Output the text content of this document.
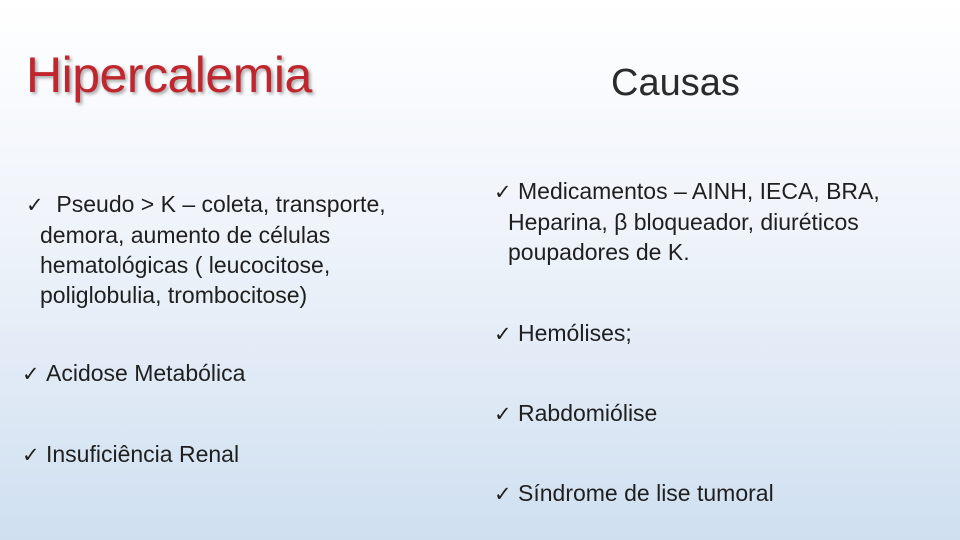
Hipercalemia	Causas
✓ Pseudo > K – coleta, transporte,
demora, aumento de células
hematológicas ( leucocitose,
poliglobulia, trombocitose)
✓ Acidose Metabólica
✓ Insuficiência Renal
✓ Medicamentos – AINH, IECA, BRA,
Heparina, β bloqueador, diuréticos
poupadores de K.
✓ Hemólises;
✓ Rabdomiólise
✓ Síndrome de lise tumoral
